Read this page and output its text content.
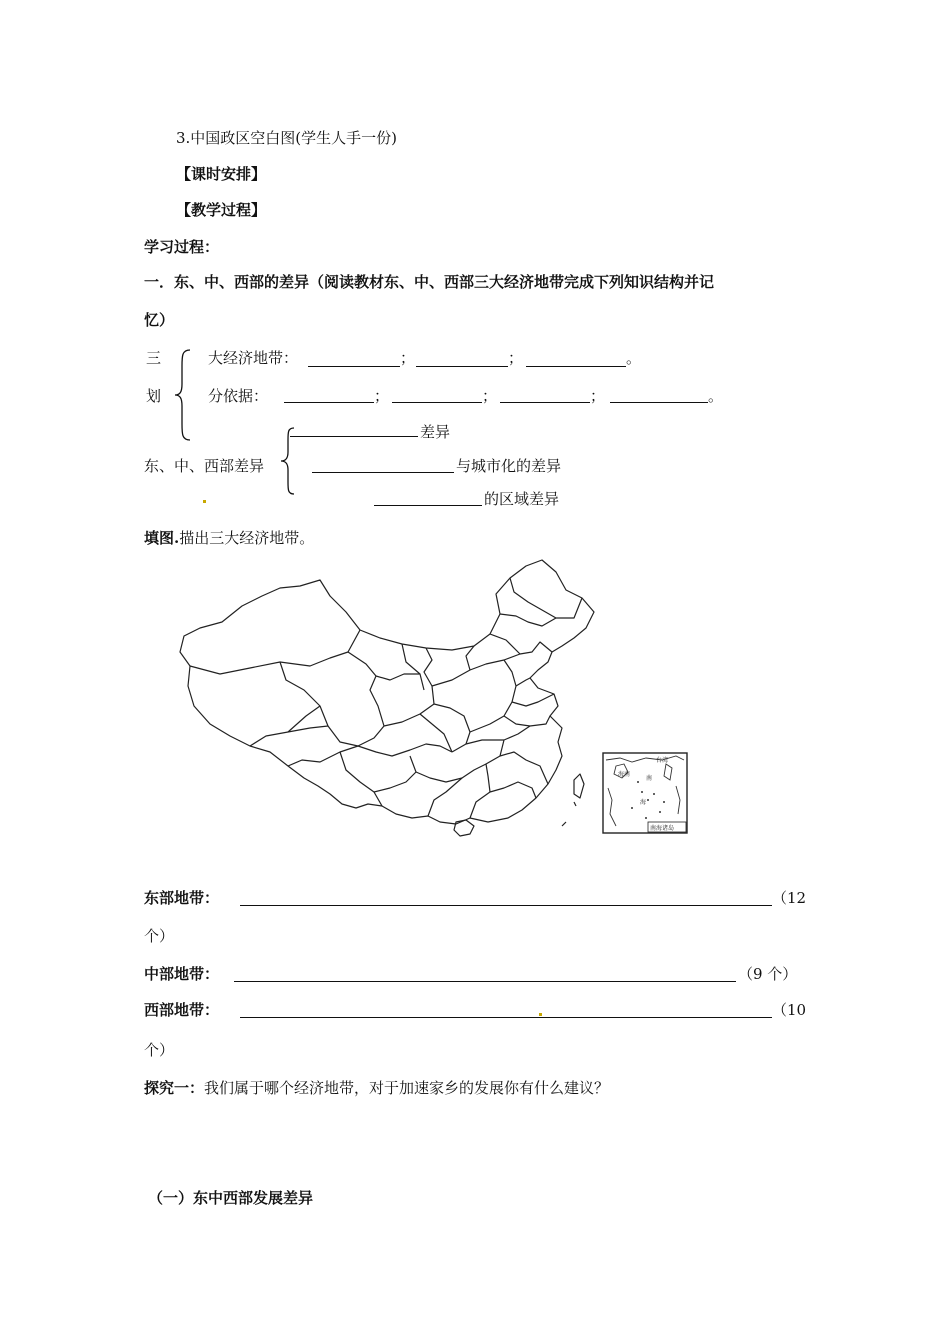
3.中国政区空白图(学生人手一份)
【课时安排】
【教学过程】
学习过程：
一．东、中、西部的差异（阅读教材东、中、西部三大经济地带完成下列知识结构并记
忆）
三
划
大经济地带：	；	；	。
分依据：	；	；	；	。
东、中、西部差异
差异
与城市化的差异
的区域差异
填图.描出三大经济地带。
台湾
海南
南
海
南海诸岛
东部地带：	（12
个）
中部地带：	（9 个）
西部地带：	（10
个）
探究一：我们属于哪个经济地带，对于加速家乡的发展你有什么建议？
（一）东中西部发展差异
